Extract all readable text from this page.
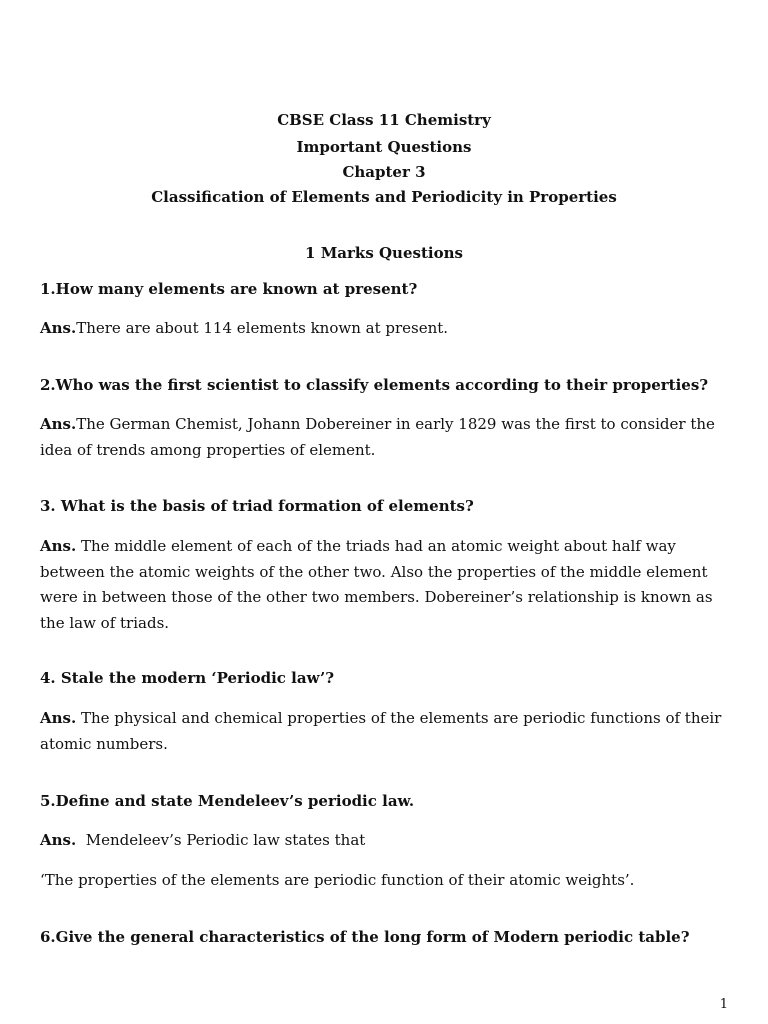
CBSE Class 11 Chemistry
Important Questions
Chapter 3
Classification of Elements and Periodicity in Properties
1 Marks Questions
1.How many elements are known at present?
Ans.There are about 114 elements known at present.
2.Who was the first scientist to classify elements according to their properties?
Ans.The German Chemist, Johann Dobereiner in early 1829 was the first to consider the idea of trends among properties of element.
3. What is the basis of triad formation of elements?
Ans. The middle element of each of the triads had an atomic weight about half way between the atomic weights of the other two. Also the properties of the middle element were in between those of the other two members. Dobereiner’s relationship is known as the law of triads.
4. Stale the modern ‘Periodic law’?
Ans. The physical and chemical properties of the elements are periodic functions of their atomic numbers.
5.Define and state Mendeleev’s periodic law.
Ans.  Mendeleev’s Periodic law states that
‘The properties of the elements are periodic function of their atomic weights’.
6.Give the general characteristics of the long form of Modern periodic table?
1
